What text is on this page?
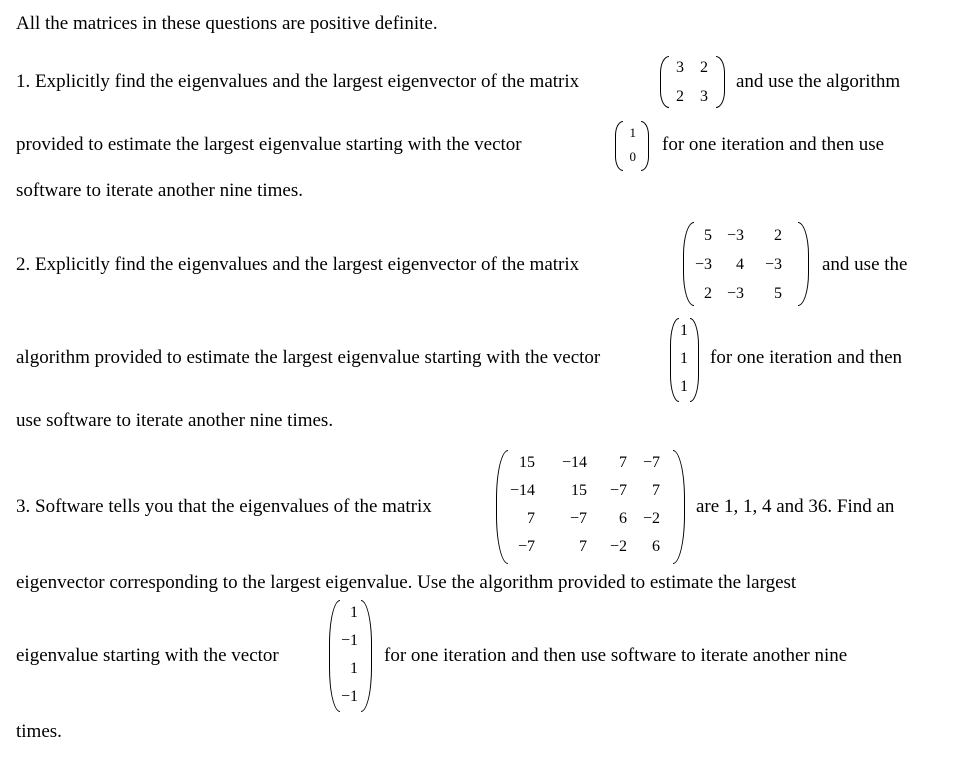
All the matrices in these questions are positive definite.
1. Explicitly find the eigenvalues and the largest eigenvector of the matrix
3	2
2	3
and use the algorithm
provided to estimate the largest eigenvalue starting with the vector
1
0
for one iteration and then use
software to iterate another nine times.
2. Explicitly find the eigenvalues and the largest eigenvector of the matrix
5 −3	2
−3	4	−3
2 −3	5
and use the
algorithm provided to estimate the largest eigenvalue starting with the vector
1
1
1
for one iteration and then
use software to iterate another nine times.
3. Software tells you that the eigenvalues of the matrix
15	−14	7 −7
−14	15	−7	7
7	−7	6 −2
−7	7	−2	6
are 1, 1, 4 and 36. Find an
eigenvector corresponding to the largest eigenvalue. Use the algorithm provided to estimate the largest
eigenvalue starting with the vector
1
−1
1
−1
for one iteration and then use software to iterate another nine
times.
